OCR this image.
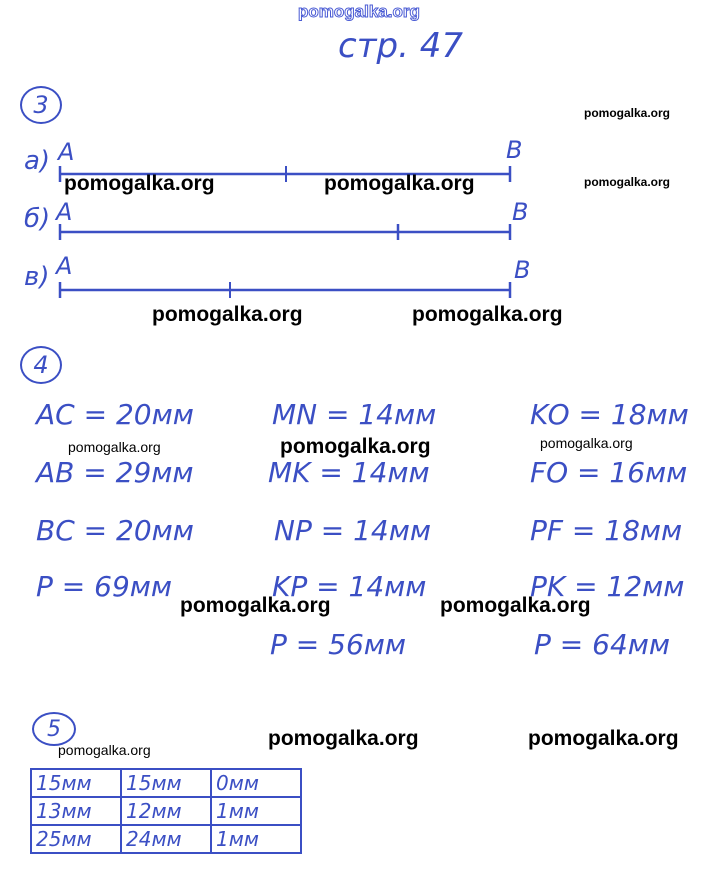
pomogalka.org
стр. 47
3
а) A	B
б) A	B
в) A	B
4
AC = 20мм
AB = 29мм
BC = 20мм
P = 69мм
MN = 14мм
MK = 14мм
NP = 14мм
KP = 14мм
P = 56мм
KO = 18мм
FO = 16мм
PF = 18мм
PK = 12мм
P = 64мм
5
15мм	15мм	0мм
13мм	12мм	1мм
25мм	24мм	1мм
pomogalka.org
pomogalka.org
pomogalka.org	pomogalka.org
pomogalka.org	pomogalka.org
pomogalka.org	pomogalka.org	pomogalka.org
pomogalka.org	pomogalka.org
pomogalka.org	pomogalka.org	pomogalka.org
